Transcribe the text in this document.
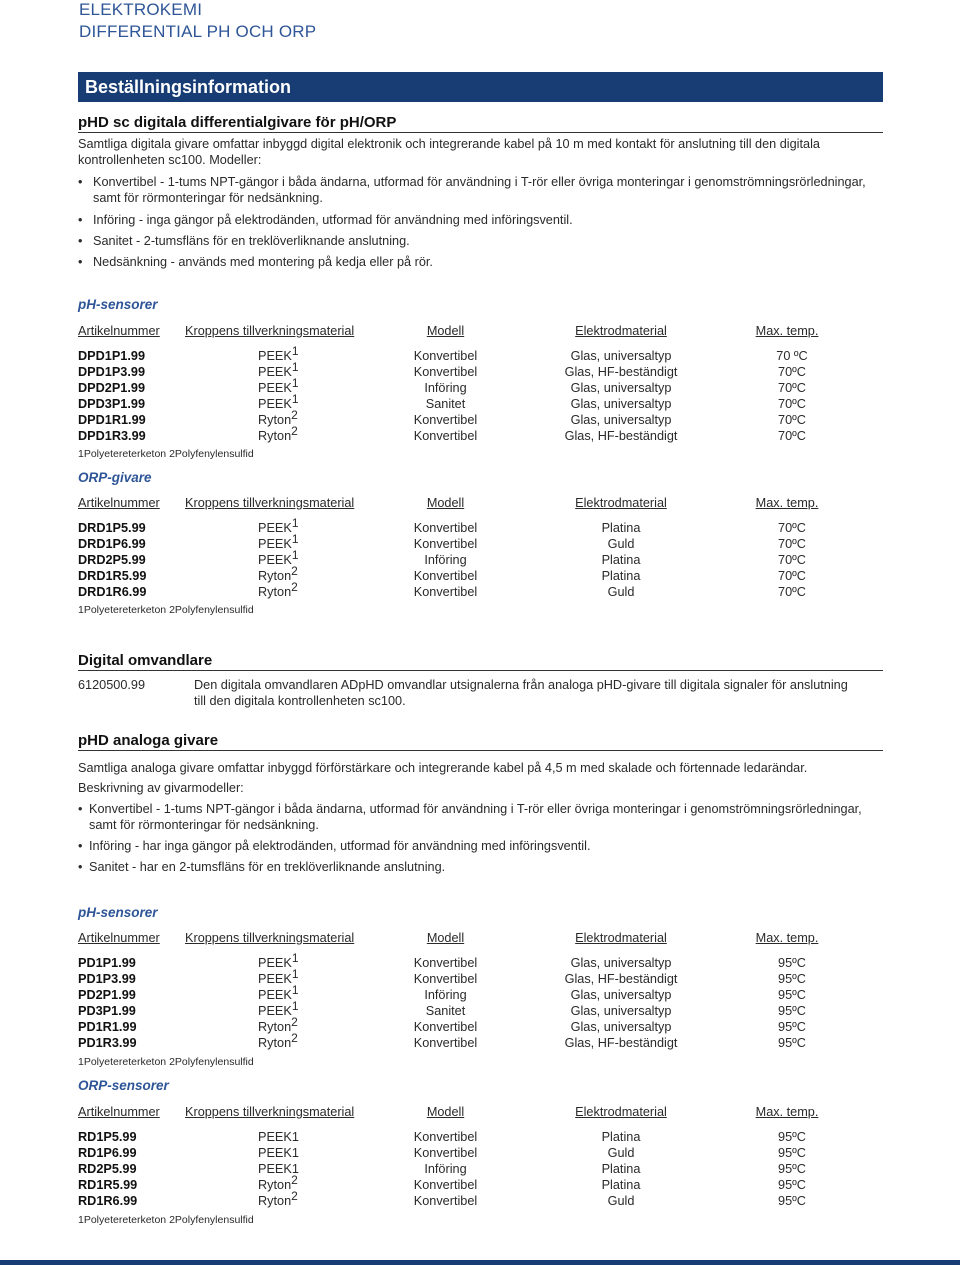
ELEKTROKEMI
DIFFERENTIAL PH OCH ORP
Beställningsinformation
pHD sc digitala differentialgivare för pH/ORP
Samtliga digitala givare omfattar inbyggd digital elektronik och integrerande kabel på 10 m med kontakt för anslutning till den digitala kontrollenheten sc100. Modeller:
• Konvertibel - 1-tums NPT-gängor i båda ändarna, utformad för användning i T-rör eller övriga monteringar i genomströmningsrörledningar, samt för rörmonteringar för nedsänkning.
• Införing - inga gängor på elektrodänden, utformad för användning med införingsventil.
• Sanitet - 2-tumsfläns för en treklöverliknande anslutning.
• Nedsänkning - används med montering på kedja eller på rör.
pH-sensorer
Artikelnummer	Kroppens tillverkningsmaterial	Modell	Elektrodmaterial	Max. temp.

DPD1P1.99	PEEK$^1$	Konvertibel	Glas, universaltyp	70 ºC
DPD1P3.99	PEEK$^1$	Konvertibel	Glas, HF-beständigt	70ºC
DPD2P1.99	PEEK$^1$	Införing	Glas, universaltyp	70ºC
DPD3P1.99	PEEK$^1$	Sanitet	Glas, universaltyp	70ºC
DPD1R1.99	Ryton$^2$	Konvertibel	Glas, universaltyp	70ºC
DPD1R3.99	Ryton$^2$	Konvertibel	Glas, HF-beständigt	70ºC
1Polyetereterketon 2Polyfenylensulfid
ORP-givare
Artikelnummer	Kroppens tillverkningsmaterial	Modell	Elektrodmaterial	Max. temp.

DRD1P5.99	PEEK$^1$	Konvertibel	Platina	70ºC
DRD1P6.99	PEEK$^1$	Konvertibel	Guld	70ºC
DRD2P5.99	PEEK$^1$	Införing	Platina	70ºC
DRD1R5.99	Ryton$^2$	Konvertibel	Platina	70ºC
DRD1R6.99	Ryton$^2$	Konvertibel	Guld	70ºC
1Polyetereterketon 2Polyfenylensulfid
Digital omvandlare
6120500.99	Den digitala omvandlaren ADpHD omvandlar utsignalerna från analoga pHD-givare till digitala signaler för anslutning till den digitala kontrollenheten sc100.
pHD analoga givare
Samtliga analoga givare omfattar inbyggd förförstärkare och integrerande kabel på 4,5 m med skalade och förtennade ledarändar.
Beskrivning av givarmodeller:
• Konvertibel - 1-tums NPT-gängor i båda ändarna, utformad för användning i T-rör eller övriga monteringar i genomströmningsrörledningar, samt för rörmonteringar för nedsänkning.
• Införing - har inga gängor på elektrodänden, utformad för användning med införingsventil.
• Sanitet - har en 2-tumsfläns för en treklöverliknande anslutning.
pH-sensorer
Artikelnummer	Kroppens tillverkningsmaterial	Modell	Elektrodmaterial	Max. temp.

PD1P1.99	PEEK$^1$	Konvertibel	Glas, universaltyp	95ºC
PD1P3.99	PEEK$^1$	Konvertibel	Glas, HF-beständigt	95ºC
PD2P1.99	PEEK$^1$	Införing	Glas, universaltyp	95ºC
PD3P1.99	PEEK$^1$	Sanitet	Glas, universaltyp	95ºC
PD1R1.99	Ryton$^2$	Konvertibel	Glas, universaltyp	95ºC
PD1R3.99	Ryton$^2$	Konvertibel	Glas, HF-beständigt	95ºC
1Polyetereterketon 2Polyfenylensulfid
ORP-sensorer
Artikelnummer	Kroppens tillverkningsmaterial	Modell	Elektrodmaterial	Max. temp.

RD1P5.99	PEEK1	Konvertibel	Platina	95ºC
RD1P6.99	PEEK1	Konvertibel	Guld	95ºC
RD2P5.99	PEEK1	Införing	Platina	95ºC
RD1R5.99	Ryton$^2$	Konvertibel	Platina	95ºC
RD1R6.99	Ryton$^2$	Konvertibel	Guld	95ºC
1Polyetereterketon 2Polyfenylensulfid
